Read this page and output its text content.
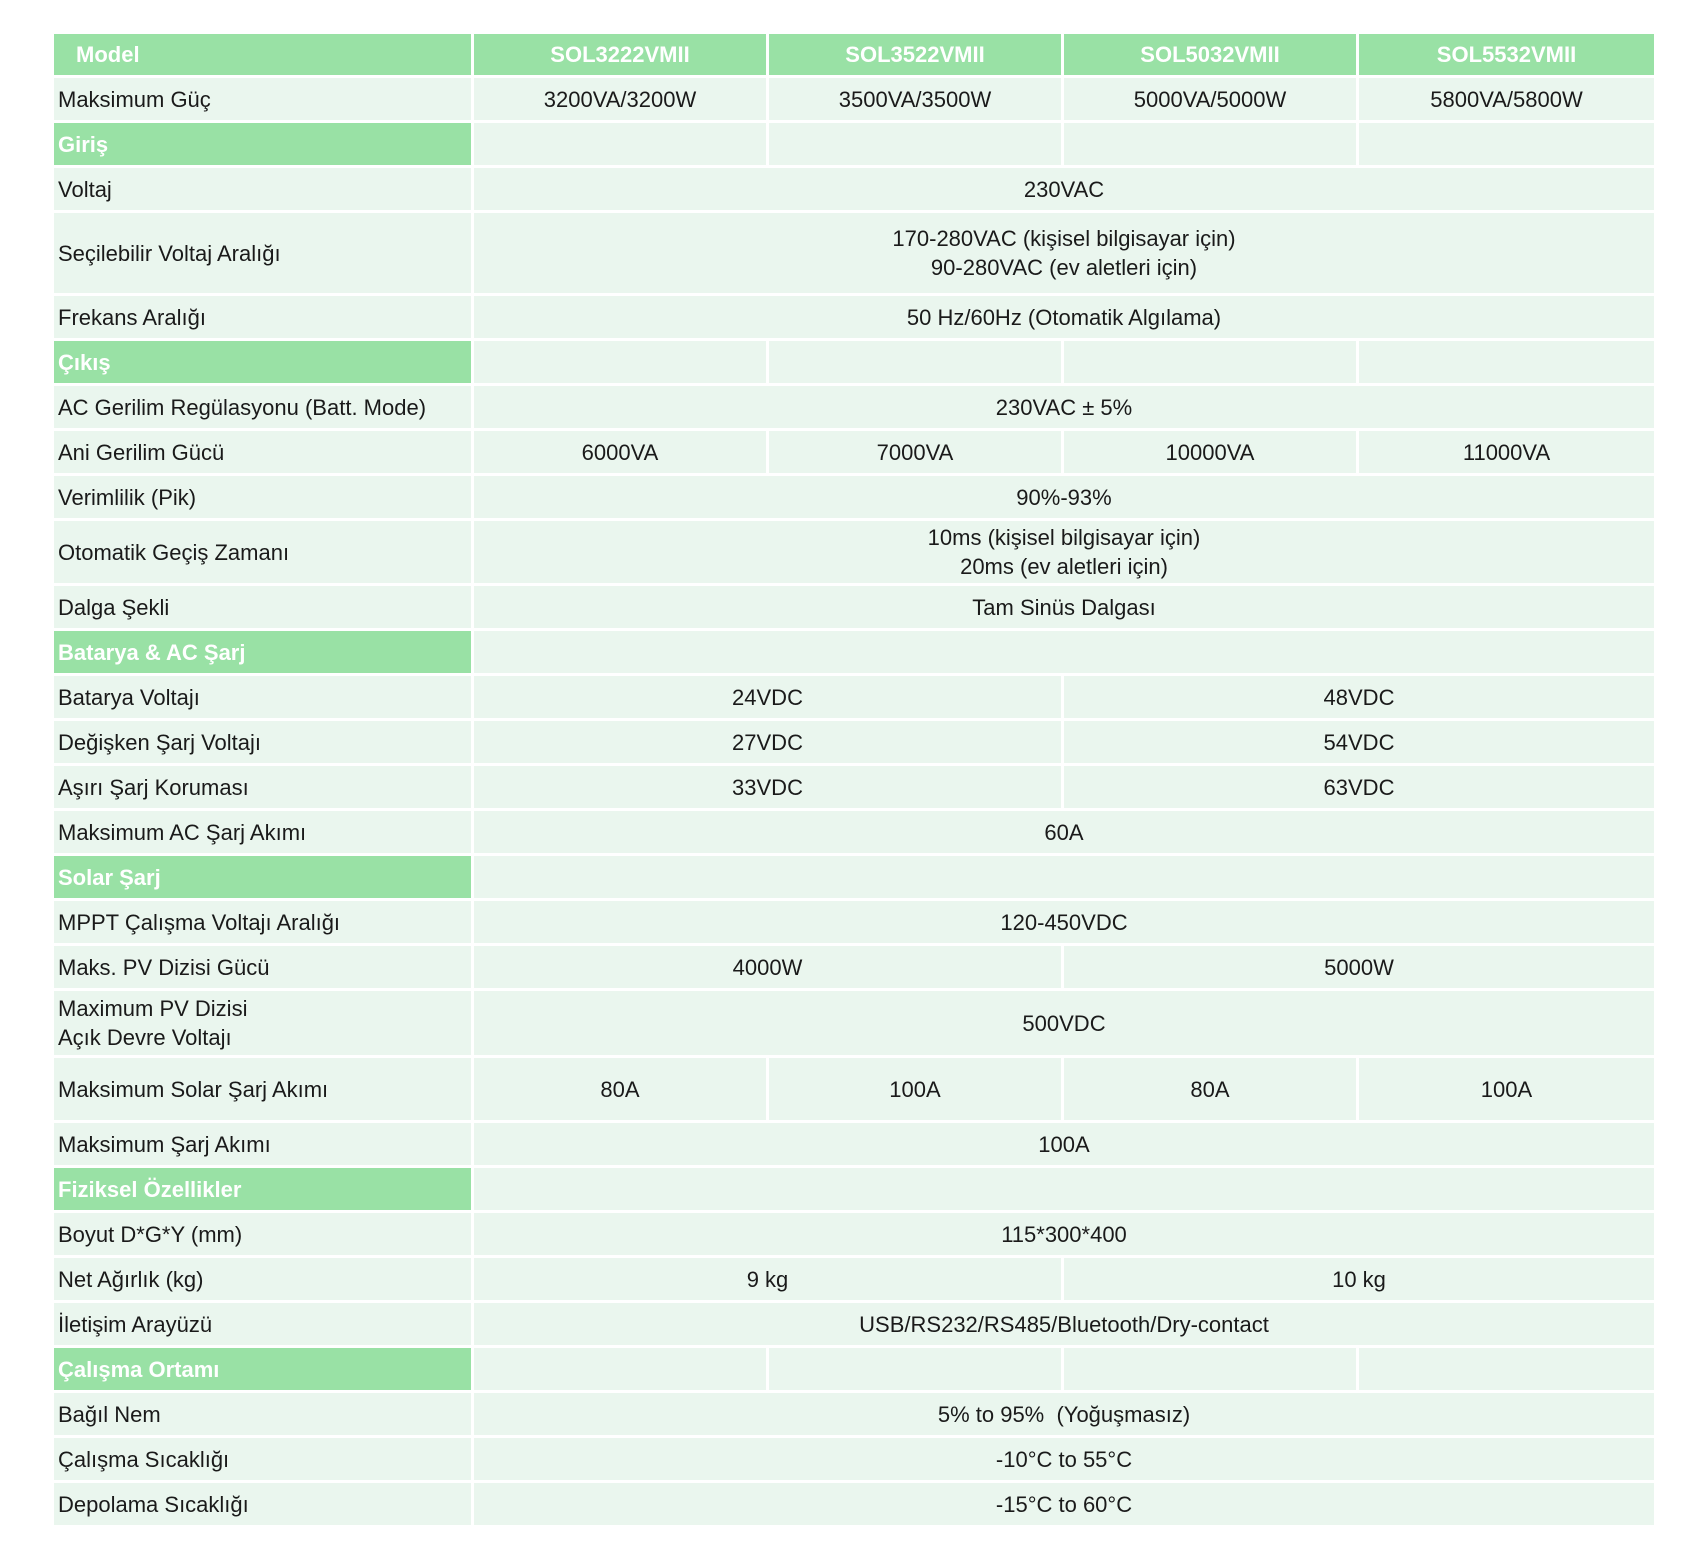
Model	SOL3222VMII	SOL3522VMII	SOL5032VMII	SOL5532VMII
Maksimum Güç	3200VA/3200W	3500VA/3500W	5000VA/5000W	5800VA/5800W
Giriş				
Voltaj	230VAC			
Seçilebilir Voltaj Aralığı	170-280VAC (kişisel bilgisayar için)
90-280VAC (ev aletleri için)			

Frekans Aralığı	50 Hz/60Hz (Otomatik Algılama)			
Çıkış				
AC Gerilim Regülasyonu (Batt. Mode)	230VAC ± 5%			
Ani Gerilim Gücü	6000VA	7000VA	10000VA	11000VA
Verimlilik (Pik)	90%-93%			
Otomatik Geçiş Zamanı	10ms (kişisel bilgisayar için)
20ms (ev aletleri için)			

Dalga Şekli	Tam Sinüs Dalgası			
Batarya & AC Şarj				
Batarya Voltajı	24VDC		48VDC	
Değişken Şarj Voltajı	27VDC		54VDC	
Aşırı Şarj Koruması	33VDC		63VDC	
Maksimum AC Şarj Akımı	60A			
Solar Şarj				
MPPT Çalışma Voltajı Aralığı	120-450VDC			
Maks. PV Dizisi Gücü	4000W		5000W	

Maximum PV Dizisi
Açık Devre Voltajı	500VDC			
Maksimum Solar Şarj Akımı	80A	100A	80A	100A
Maksimum Şarj Akımı	100A			
Fiziksel Özellikler				
Boyut D*G*Y (mm)	115*300*400			
Net Ağırlık (kg)	9 kg		10 kg	
İletişim Arayüzü	USB/RS232/RS485/Bluetooth/Dry-contact			
Çalışma Ortamı				
Bağıl Nem	5% to 95%  (Yoğuşmasız)			
Çalışma Sıcaklığı	-10°C to 55°C			
Depolama Sıcaklığı	-15°C to 60°C			
